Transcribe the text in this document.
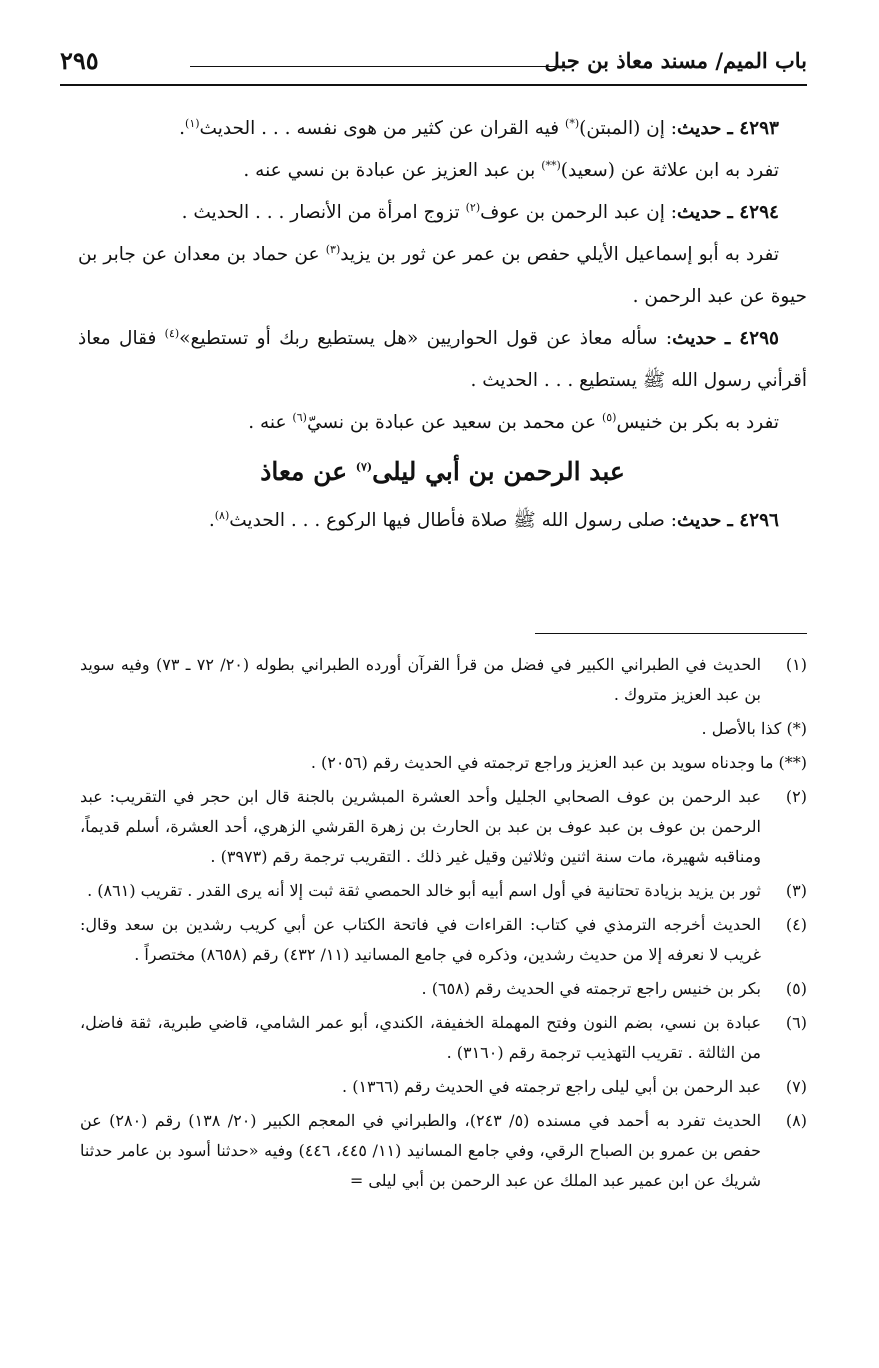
باب الميم/ مسند معاذ بن جبل
٢٩٥

٤٢٩٣ ـ حديث: إن (المبتن)(*) فيه القران عن كثير من هوى نفسه . . . الحديث$^{(١)}$.

تفرد به ابن علاثة عن (سعيد)(**) بن عبد العزيز عن عبادة بن نسي عنه .

٤٢٩٤ ـ حديث: إن عبد الرحمن بن عوف$^{(٢)}$ تزوج امرأة من الأنصار . . . الحديث .

تفرد به أبو إسماعيل الأيلي حفص بن عمر عن ثور بن يزيد$^{(٣)}$ عن حماد بن معدان عن جابر بن حيوة عن عبد الرحمن .

٤٢٩٥ ـ حديث: سأله معاذ عن قول الحواريين «هل يستطيع ربك أو تستطيع»$^{(٤)}$ فقال معاذ أقرأني رسول الله ﷺ يستطيع . . . الحديث .

تفرد به بكر بن خنيس$^{(٥)}$ عن محمد بن سعيد عن عبادة بن نسيّ$^{(٦)}$ عنه .

عبد الرحمن بن أبي ليلى$^{(٧)}$ عن معاذ

٤٢٩٦ ـ حديث: صلى رسول الله ﷺ صلاة فأطال فيها الركوع . . . الحديث$^{(٨)}$.

(١)
الحديث في الطبراني الكبير في فضل من قرأ القرآن أورده الطبراني بطوله (٢٠/ ٧٢ ـ ٧٣) وفيه سويد بن عبد العزيز متروك .

(*) كذا بالأصل .

(**) ما وجدناه سويد بن عبد العزيز وراجع ترجمته في الحديث رقم (٢٠٥٦) .

(٢)
عبد الرحمن بن عوف الصحابي الجليل وأحد العشرة المبشرين بالجنة قال ابن حجر في التقريب: عبد الرحمن بن عوف بن عبد عوف بن عبد بن الحارث بن زهرة القرشي الزهري، أحد العشرة، أسلم قديماً، ومناقبه شهيرة، مات سنة اثنين وثلاثين وقيل غير ذلك . التقريب ترجمة رقم (٣٩٧٣) .

(٣)
ثور بن يزيد بزيادة تحتانية في أول اسم أبيه أبو خالد الحمصي ثقة ثبت إلا أنه يرى القدر . تقريب (٨٦١) .

(٤)
الحديث أخرجه الترمذي في كتاب: القراءات في فاتحة الكتاب عن أبي كريب رشدين بن سعد وقال: غريب لا نعرفه إلا من حديث رشدين، وذكره في جامع المسانيد (١١/ ٤٣٢) رقم (٨٦٥٨) مختصراً .

(٥)
بكر بن خنيس راجع ترجمته في الحديث رقم (٦٥٨) .

(٦)
عبادة بن نسي، بضم النون وفتح المهملة الخفيفة، الكندي، أبو عمر الشامي، قاضي طبرية، ثقة فاضل، من الثالثة . تقريب التهذيب ترجمة رقم (٣١٦٠) .

(٧)
عبد الرحمن بن أبي ليلى راجع ترجمته في الحديث رقم (١٣٦٦) .

(٨)
الحديث تفرد به أحمد في مسنده (٥/ ٢٤٣)، والطبراني في المعجم الكبير (٢٠/ ١٣٨) رقم (٢٨٠) عن حفص بن عمرو بن الصباح الرقي، وفي جامع المسانيد (١١/ ٤٤٥، ٤٤٦) وفيه «حدثنا أسود بن عامر حدثنا شريك عن ابن عمير عبد الملك عن عبد الرحمن بن أبي ليلى =
